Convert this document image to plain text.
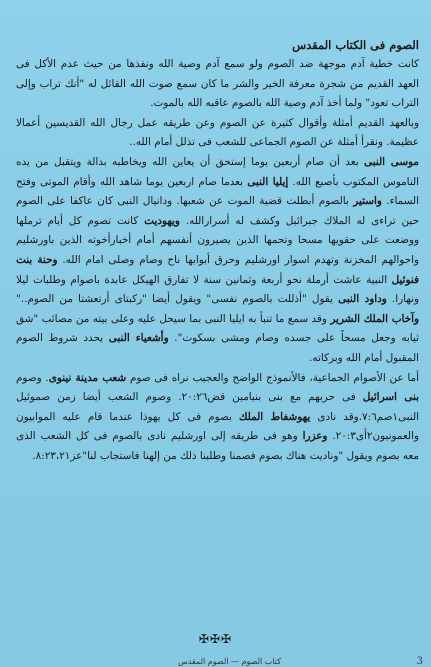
الصوم فى الكتاب المقدس

كانت خطية آدم موجهة ضد الصوم ولو سمع آدم وصية الله ونفذها من حيث عدم الأكل فى العهد القديم من شجرة معرفة الخير والشر ما كان سمع صوت الله القائل له "أنك تراب وإلى التراب تعود" ولما أخذ آدم وصية الله بالصوم عاقبه الله بالموت.

وبالعهد القديم أمثلة وأقوال كثيرة عن الصوم وعن طريقه عمل رجال الله القديسين أعمالا عظيمة. ونقرأ أمثلة عن الصوم الجماعى للشعب فى تذلل أمام الله..

موسى النبى بعد أن صام أربعين يوما إستحق أن يعاين الله ويخاطبه بدالة ويتقبل من يده الناموس المكتوب بأصبع الله. إيليا النبى بعدما صام اربعين يوما شاهد الله وأقام الموتى وفتح السماء. واستير بالصوم أبطلت قضية الموت عن شعبها. ودانيال النبى كان عاكفا على الصوم حين تراءى له الملاك جبرائيل وكشف له أسرارالله. ويهوديت كانت تصوم كل أيام ترملها ووضعت على حقويها مسحا وتحمها الذين يصيرون أنفسهم أمام أخبارأخوته الذين باورشليم واحوالهم المخزنة وتهدم اسوار اورشليم وحرق أبوابها ناح وصام وصلى امام الله. وحنة بنت فنوئيل النبية عاشت أرملة نحو أربعة وثمانين سنة لا تفارق الهيكل عابدة باصوام وطلبات ليلا ونهارا. وداود النبى يقول "أذللت بالصوم نفسى" ويقول أيضا "ركبتاى أرتعشتا من الصوم.." وآخاب الملك الشرير وقد سمع ما تنبأ به ايليا النبى بما سيحل عليه وعلى بيته من مصائب "شق ثيابه وجعل مسحاً على جسده وصام ومشى بسكوت". وأشعياء النبى يحدد شروط الصوم المقبول أمام الله وبركاته.

أما عن الأصوام الجماعية، فالأنموذج الواضح والعجيب نراه فى صوم شعب مدينة نينوى. وصوم بنى اسرائيل فى حربهم مع بنى بنيامين قض٢٠:٢٦. وصوم الشعب أيضا زمن صموئيل النبى١صم٧:٦.وقد نادى يهوشفاط الملك بصوم فى كل يهوذا عندما قام عليه الموابيون والعمونيون٢أى٢٠:٣. وعزرا وهو فى طريقه إلى اورشليم نادى بالصوم فى كل الشعب الذى معه بصوم ويقول "وناديت هناك بصوم فصمنا وطلبنا ذلك من إلهنا فاستجاب لنا"عز٨:٢٣،٢١.

✠✠✠
كتاب الصوم — الصوم المقدس	3
